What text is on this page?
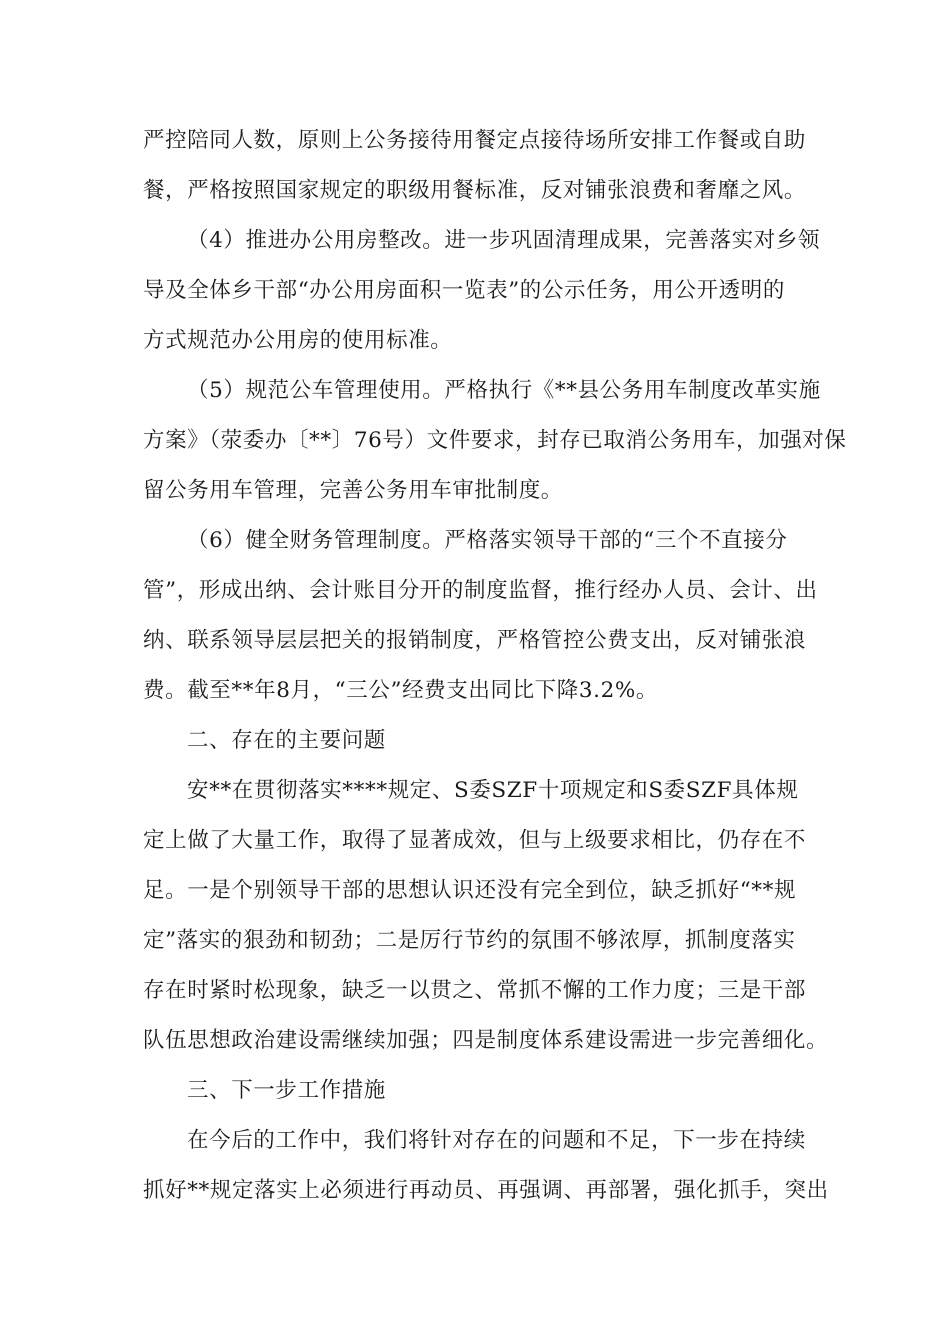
严控陪同人数，原则上公务接待用餐定点接待场所安排工作餐或自助
餐，严格按照国家规定的职级用餐标准，反对铺张浪费和奢靡之风。
（4）推进办公用房整改。进一步巩固清理成果，完善落实对乡领
导及全体乡干部“办公用房面积一览表”的公示任务，用公开透明的
方式规范办公用房的使用标准。
（5）规范公车管理使用。严格执行《**县公务用车制度改革实施
方案》（荥委办〔**〕76号）文件要求，封存已取消公务用车，加强对保
留公务用车管理，完善公务用车审批制度。
（6）健全财务管理制度。严格落实领导干部的“三个不直接分
管”，形成出纳、会计账目分开的制度监督，推行经办人员、会计、出
纳、联系领导层层把关的报销制度，严格管控公费支出，反对铺张浪
费。截至**年8月，“三公”经费支出同比下降3.2%。
二、存在的主要问题
安**在贯彻落实****规定、S委SZF十项规定和S委SZF具体规
定上做了大量工作，取得了显著成效，但与上级要求相比，仍存在不
足。一是个别领导干部的思想认识还没有完全到位，缺乏抓好“**规
定”落实的狠劲和韧劲；二是厉行节约的氛围不够浓厚，抓制度落实
存在时紧时松现象，缺乏一以贯之、常抓不懈的工作力度；三是干部
队伍思想政治建设需继续加强；四是制度体系建设需进一步完善细化。
三、下一步工作措施
在今后的工作中，我们将针对存在的问题和不足，下一步在持续
抓好**规定落实上必须进行再动员、再强调、再部署，强化抓手，突出
